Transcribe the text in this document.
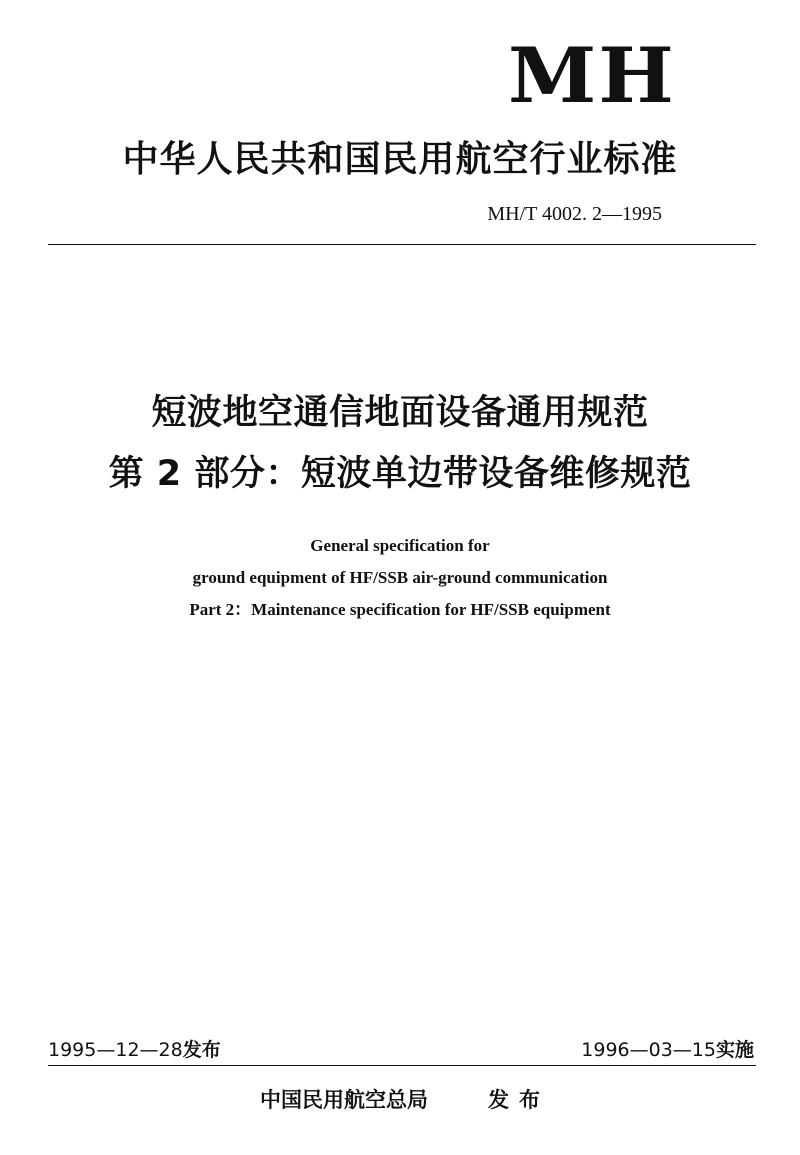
MH
中华人民共和国民用航空行业标准
MH/T 4002. 2—1995
短波地空通信地面设备通用规范
第 2 部分：短波单边带设备维修规范
General specification for
ground equipment of HF/SSB air-ground communication
Part 2：Maintenance specification for HF/SSB equipment
1995—12—28发布	1996—03—15实施
中国民用航空总局	发布
